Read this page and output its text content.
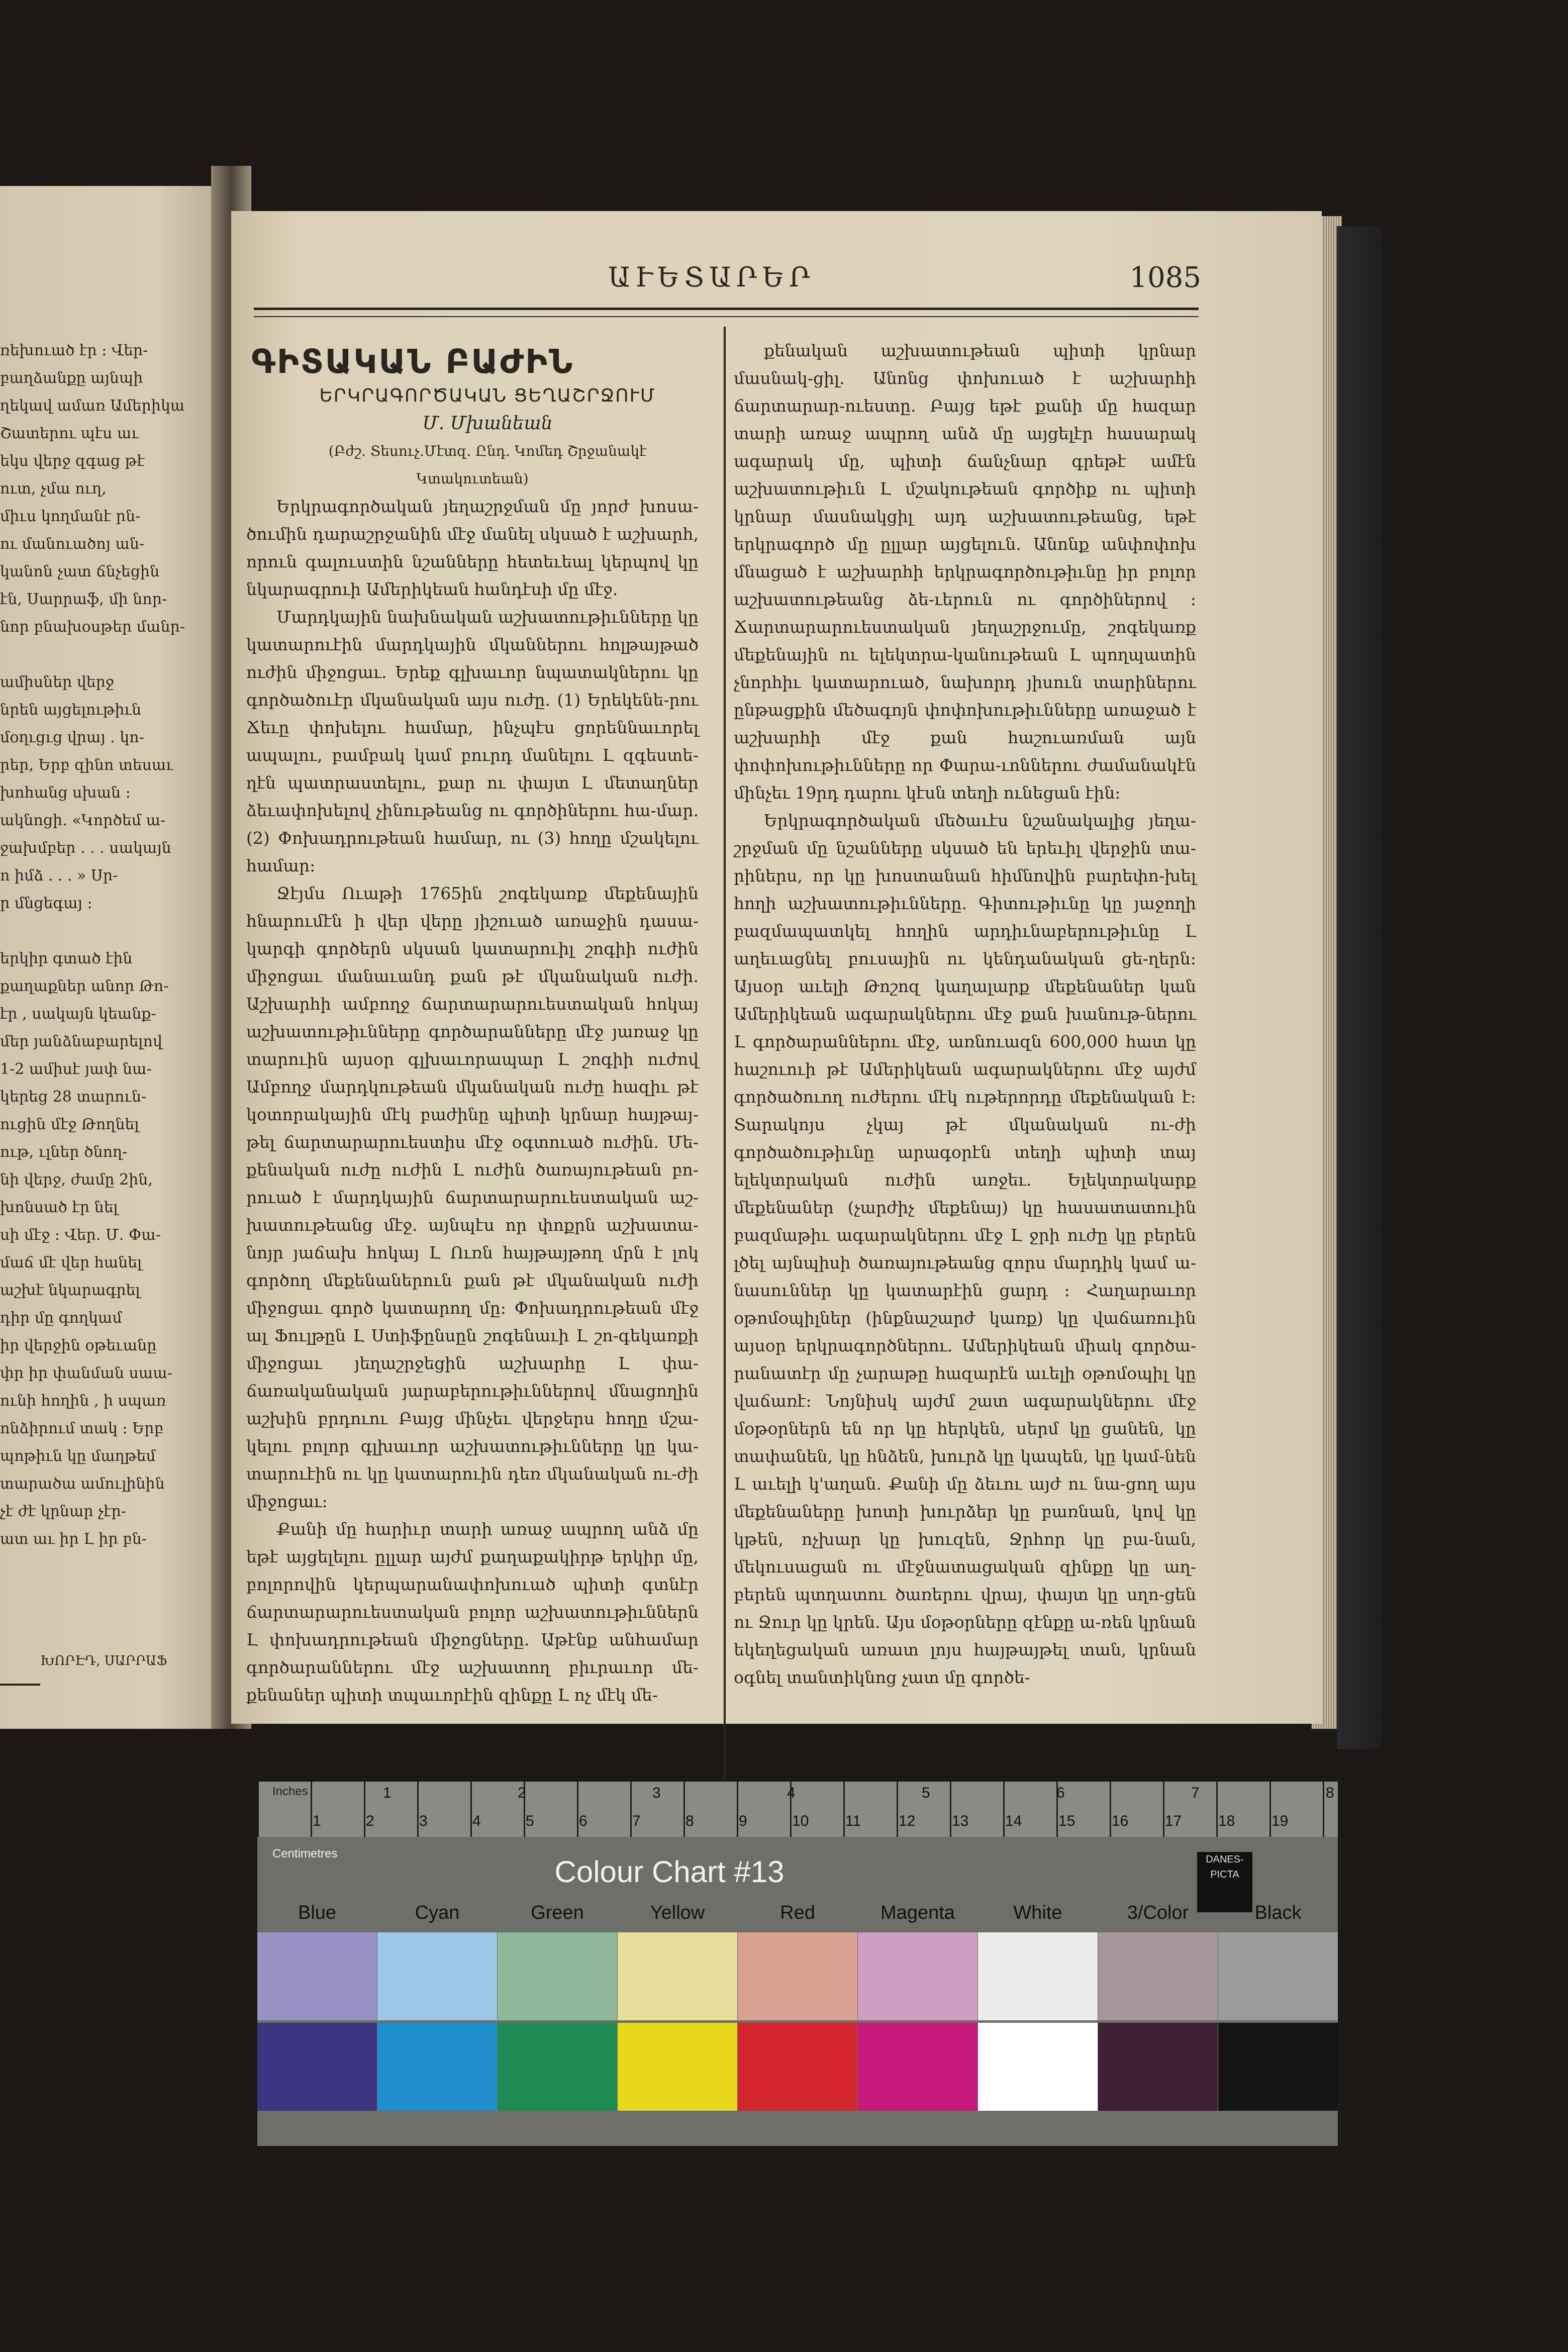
ռեխուած էր ։ Վեր-

բաղձանքը այնպի

ղեկավ ամառ Ամերիկա

Շատերու պէս աւ

եկս վերջ զգաց թէ

ուտ, չմա ուղ,

միւս կողմանէ րն-

ու մանուածոյ ան-

կանոն չատ ճնչեցին

էն, Սարրաֆ, մի նոր-

նոր բնախօսթեր մանր-

ամիսներ վերջ

նրեն այցելութիւն

մօղւցւց վրայ . կո-

րեր, Երբ զինո տեսաւ

խոհանց սխան ։

ակնոցի. «Կործեմ ա-

ջախմբեր . . . սակայն

ո իմձ . . . » Սր-

ր մնցեգայ ։

երկիր գտած էին

քաղաքներ անոր Թո-

էր , սակայն կեանք-

մեր յանձնաբարելով

1-2 ամիսէ յափ նա-

կերեց 28 տարուն-

ուցին մէջ Թողնել

ութ, ւլներ ծնող-

նի վերջ, ժամը 2ին,

խոնսած էր նել

սի մէջ ։ Վեր. Մ. Փա-

մաճ մէ վեր հանել

աշխէ նկարագրել

դիր մը գողկամ

իր վերջին օթեւանը

փր իր փանման սաա-

ունի հողին , ի սպառ

ոնձիրում տակ ։ Երբ

պոթիւն կը մաղթեմ

տարածա ամուլինին

չէ ժէ կրնար չէր-

ատ աւ իր Լ իր բն-

ԽՈՐԷԴ, ՍԱՐՐԱՖ
ԱՒԵՏԱՐԵՐ	1085
ԳԻՏԱԿԱՆ ԲԱԺԻՆ

ԵՐԿՐԱԳՈՐԾԱԿԱՆ ՑԵՂԱՇՐՋՈՒՄ

Մ. Մխանեան

(Բժշ. Տեսուչ.Մէտզ. Ընդ. Կոմեդ Շրջանակէ Կտակուտեան)

Երկրագործական յեղաշրջման մը յորժ խոսա-ծումին դարաշրջանին մէջ մանել սկսած է աշխարհ, որուն գալուստին նշանները հետեւեալ կերպով կը նկարագրուի Ամերիկեան հանդէսի մը մէջ.

Մարդկային նախնական աշխատութիւնները կը կատարուէին մարդկային մկաններու հոլթայթած ուժին միջոցաւ. Երեք գլխաւոր նպատակներու կը գործածուէր մկանական այս ուժը. (1) Երեկենե-րու Ճեւը փոխելու համար, ինչպէս ցորեննաւորել ապալու, բամբակ կամ բուրդ մանելու Լ զգեստե-ղէն պատրաստելու, քար ու փայտ Լ մետաղներ ձեւափոխելով չինութեանց ու գործիներու հա-մար. (2) Փոխադրութեան համար, ու (3) հողը մշակելու համար։

Ջէյմս Ուաթի 1765ին շոգեկառք մեքենային հնարումէն ի վեր վերը յիշուած առաջին դասա-կարգի գործերն սկսան կատարուիլ շոգիի ուժին միջոցաւ մանաւանդ քան թէ մկանական ուժի. Աշխարհի ամբողջ ճարտարարուեստական հոկայ աշխատութիւնները գործարանները մէջ յառաջ կը տարուին այսօր գլխաւորապար Լ շոգիի ուժով Ամբողջ մարդկութեան մկանական ուժը հազիւ թէ կօտորակային մէկ բաժինը պիտի կրնար հայթայ-թել ճարտարարուեստիս մէջ օգտուած ուժին. Մե-քենական ուժը ուժին Լ ուժին ծառայութեան բո-րուած է մարդկային ճարտարարուեստական աշ-խատութեանց մէջ. այնպէս որ փոքրն աշխատա-նոյր յաճախ հոկայ Լ Ուռն հայթայթող մրն է լոկ գործող մեքենաներուն քան թէ մկանական ուժի միջոցաւ գործ կատարող մը։ Փոխադրութեան մէջ ալ Ֆուլթըն Լ Ստիֆընսըն շոգենաւի Լ շո-գեկառքի միջոցաւ յեղաշրջեցին աշխարհը Լ փա-ճառականական յարաբերութիւններով մնացողին աշխին բրդուու Բայց մինչեւ վերջերս հողը մշա-կելու բոլոր գլխաւոր աշխատութիւնները կը կա-տարուէին ու կը կատարուին դեռ մկանական ու-ժի միջոցաւ։

Քանի մը հարիւր տարի առաջ ապրող անձ մը եթէ այցելելու ըլլար այժմ քաղաքակիրթ երկիր մը, բոլորովին կերպարանափոխուած պիտի գտնէր ճարտարարուեստական բոլոր աշխատութիւններն Լ փոխադրութեան միջոցները. Աթէնք անհամար գործարաններու մէջ աշխատող բիւրաւոր մե-քենաներ պիտի տպաւորէին զինքը Լ ոչ մէկ մե-

քենական աշխատութեան պիտի կրնար մասնակ-ցիլ. Անոնց փոխուած է աշխարհի ճարտարար-ուեստը. Բայց եթէ քանի մը հազար տարի առաջ ապրող անձ մը այցելէր հասարակ ագարակ մը, պիտի ճանչնար գրեթէ ամէն աշխատութիւն Լ մշակութեան գործիք ու պիտի կրնար մասնակցիլ այդ աշխատութեանց, եթէ երկրագործ մը ըլլար այցելուն. Անոնք անփոփոխ մնացած է աշխարհի երկրագործութիւնը իր բոլոր աշխատութեանց ձե-ւերուն ու գործիներով ։ Ճարտարարուեստական յեղաշրջումը, շոգեկառք մեքենային ու ելեկտրա-կանութեան Լ պողպատին չնորհիւ կատարուած, նախորդ յիսուն տարիներու ընթացքին մեծագոյն փոփոխութիւնները առաջած է աշխարհի մէջ քան հաշուառման այն փոփոխութիւնները որ Փարա-ւոններու ժամանակէն մինչեւ 19րդ դարու կէսն տեղի ունեցան էին։

Երկրագործական մեծաւէս նշանակալից յեղա-շրջման մը նշանները սկսած են երեւիլ վերջին տա-րիներս, որ կը խոստանան հիմնովին բարեփո-խել հողի աշխատութիւնները. Գիտութիւնը կը յաջողի բազմապատկել հողին արդիւնաբերութիւնը Լ աղեւացնել բուսային ու կենդանական ցե-ղերն։ Այսօր աւելի Թոշոզ կաղալարք մեքենաներ կան Ամերիկեան ագարակներու մէջ քան խանութ-ներու Լ գործարաններու մէջ, առնուազն 600,000 հատ կը հաշուուի թէ Ամերիկեան ագարակներու մէջ այժմ գործածուող ուժերու մէկ ութերորդը մեքենական է։ Տարակոյս չկայ թէ մկանական ու-ժի գործածութիւնը արագօրէն տեղի պիտի տայ ելեկտրական ուժին առջեւ. Ելեկտրակարք մեքենաներ (չարժիչ մեքենայ) կը հասատատուին բազմաթիւ ագարակներու մէջ Լ ջրի ուժը կը բերեն լծել այնպիսի ծառայութեանց զորս մարդիկ կամ ա-նասուններ կը կատարէին ցարդ ։ Հաղարաւոր օթոմօպիլներ (ինքնաշարժ կառք) կը վաճառուին այսօր երկրագործներու. Ամերիկեան միակ գործա-րանատէր մը չարաթը հազարէն աւելի օթոմօպիլ կը վաճառէ։ Նոյնիսկ այժմ շատ ագարակներու մէջ մօթօրներն են որ կը հերկեն, սերմ կը ցանեն, կը տափանեն, կը հնձեն, խուրձ կը կապեն, կը կամ-նեն Լ աւելի կ'աղան. Քանի մը ձեւու այժ ու նա-ցող այս մեքենաները խոտի խուրձեր կը բառնան, կով կը կթեն, ոչխար կը խուզեն, Ջրհոր կը բա-նան, մեկուսացան ու մէջնատացական զինքը կը աղ-բերեն պտղատու ծառերու վրայ, փայտ կը սղո-ցեն ու Ջուր կը կրեն. Այս մօթօրները զէնքը ա-ռեն կրնան եկեղեցական առատ լոյս հայթայթել տան, կրնան օգնել տանտիկնոց չատ մը գործե-

Inches	1	2	3	4	5	6	7	8
1	2	3	4	5	6	7	8	9	10 11 12 13 14 15 16 17 18 19
Centimetres
Colour Chart #13	DANES-PICTA
Blue	Cyan	Green	Yellow	Red	Magenta	White	3/Color	Black
